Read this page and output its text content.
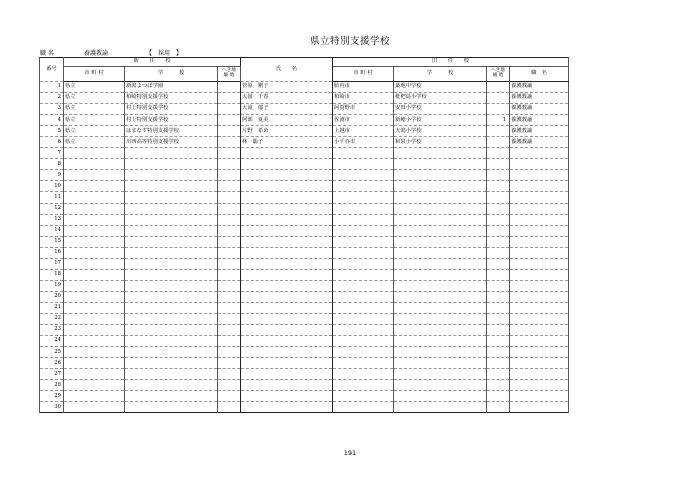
県立特別支援学校
職 名	養護教諭	【　採用　】
番号	新　　任　　校			氏　　名	旧　　任　　校			
	市 町 村	学　　　校	へき地
級 地		市 町 村	学　　　校	へき地
級 地	職　名
1	県立	新潟よつば学園		菅原　剛子	胎内市	築地中学校		養護教諭
2	県立	柏崎特別支援学校		大図　千春	柏崎市	枇杷島小学校		養護教諭
3	県立	村上特別支援学校		大滝　郁子	阿賀野市	安田小学校		養護教諭
4	県立	村上特別支援学校		阿部　夏美	佐渡市	新穂小学校	1	養護教諭
5	県立	はまなす特別支援学校		片野　希め	上越市	大潟小学校		養護教諭
6	県立	川西高等特別支援学校		林　聡子	小千谷市	和泉小学校		養護教諭
7								
8								
9								
10								
11								
12								
13								
14								
15								
16								
17								
18								
19								
20								
21								
22								
23								
24								
25								
26								
27								
28								
29								
30								
191
